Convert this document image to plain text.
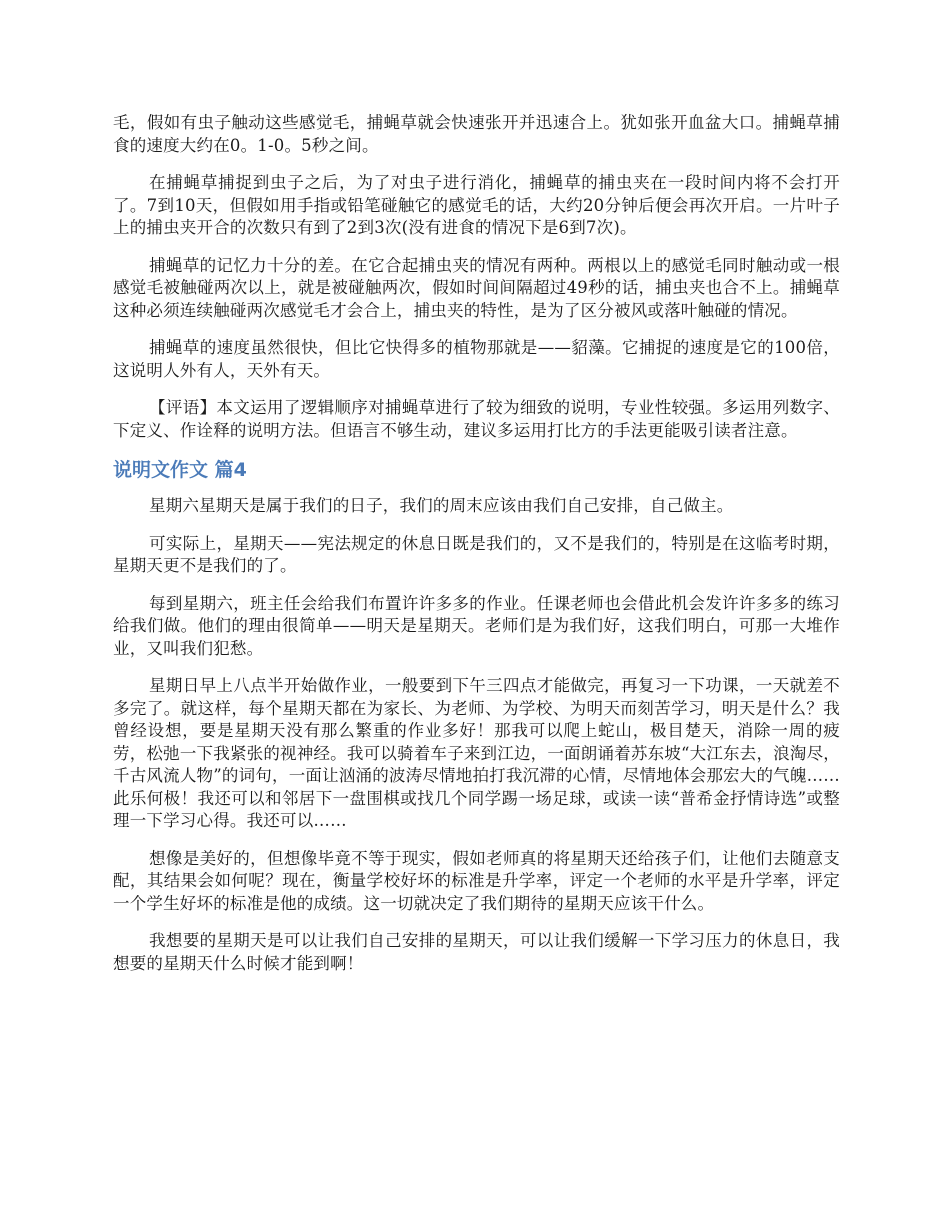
毛，假如有虫子触动这些感觉毛，捕蝇草就会快速张开并迅速合上。犹如张开血盆大口。捕蝇草捕食的速度大约在0。1-0。5秒之间。

在捕蝇草捕捉到虫子之后，为了对虫子进行消化，捕蝇草的捕虫夹在一段时间内将不会打开了。7到10天，但假如用手指或铅笔碰触它的感觉毛的话，大约20分钟后便会再次开启。一片叶子上的捕虫夹开合的次数只有到了2到3次(没有进食的情况下是6到7次)。

捕蝇草的记忆力十分的差。在它合起捕虫夹的情况有两种。两根以上的感觉毛同时触动或一根感觉毛被触碰两次以上，就是被碰触两次，假如时间间隔超过49秒的话，捕虫夹也合不上。捕蝇草这种必须连续触碰两次感觉毛才会合上，捕虫夹的特性，是为了区分被风或落叶触碰的情况。

捕蝇草的速度虽然很快，但比它快得多的植物那就是——貂藻。它捕捉的速度是它的100倍，这说明人外有人，天外有天。

【评语】本文运用了逻辑顺序对捕蝇草进行了较为细致的说明，专业性较强。多运用列数字、下定义、作诠释的说明方法。但语言不够生动，建议多运用打比方的手法更能吸引读者注意。

说明文作文 篇4

星期六星期天是属于我们的日子，我们的周末应该由我们自己安排，自己做主。

可实际上，星期天——宪法规定的休息日既是我们的，又不是我们的，特别是在这临考时期，星期天更不是我们的了。

每到星期六，班主任会给我们布置许许多多的作业。任课老师也会借此机会发许许多多的练习给我们做。他们的理由很简单——明天是星期天。老师们是为我们好，这我们明白，可那一大堆作业，又叫我们犯愁。

星期日早上八点半开始做作业，一般要到下午三四点才能做完，再复习一下功课，一天就差不多完了。就这样，每个星期天都在为家长、为老师、为学校、为明天而刻苦学习，明天是什么？我曾经设想，要是星期天没有那么繁重的作业多好！那我可以爬上蛇山，极目楚天，消除一周的疲劳，松弛一下我紧张的视神经。我可以骑着车子来到江边，一面朗诵着苏东坡“大江东去，浪淘尽，千古风流人物”的词句，一面让汹涌的波涛尽情地拍打我沉滞的心情，尽情地体会那宏大的气魄……此乐何极！我还可以和邻居下一盘围棋或找几个同学踢一场足球，或读一读“普希金抒情诗选”或整理一下学习心得。我还可以……

想像是美好的，但想像毕竟不等于现实，假如老师真的将星期天还给孩子们，让他们去随意支配，其结果会如何呢？现在，衡量学校好坏的标准是升学率，评定一个老师的水平是升学率，评定一个学生好坏的标准是他的成绩。这一切就决定了我们期待的星期天应该干什么。

我想要的星期天是可以让我们自己安排的星期天，可以让我们缓解一下学习压力的休息日，我想要的星期天什么时候才能到啊！
